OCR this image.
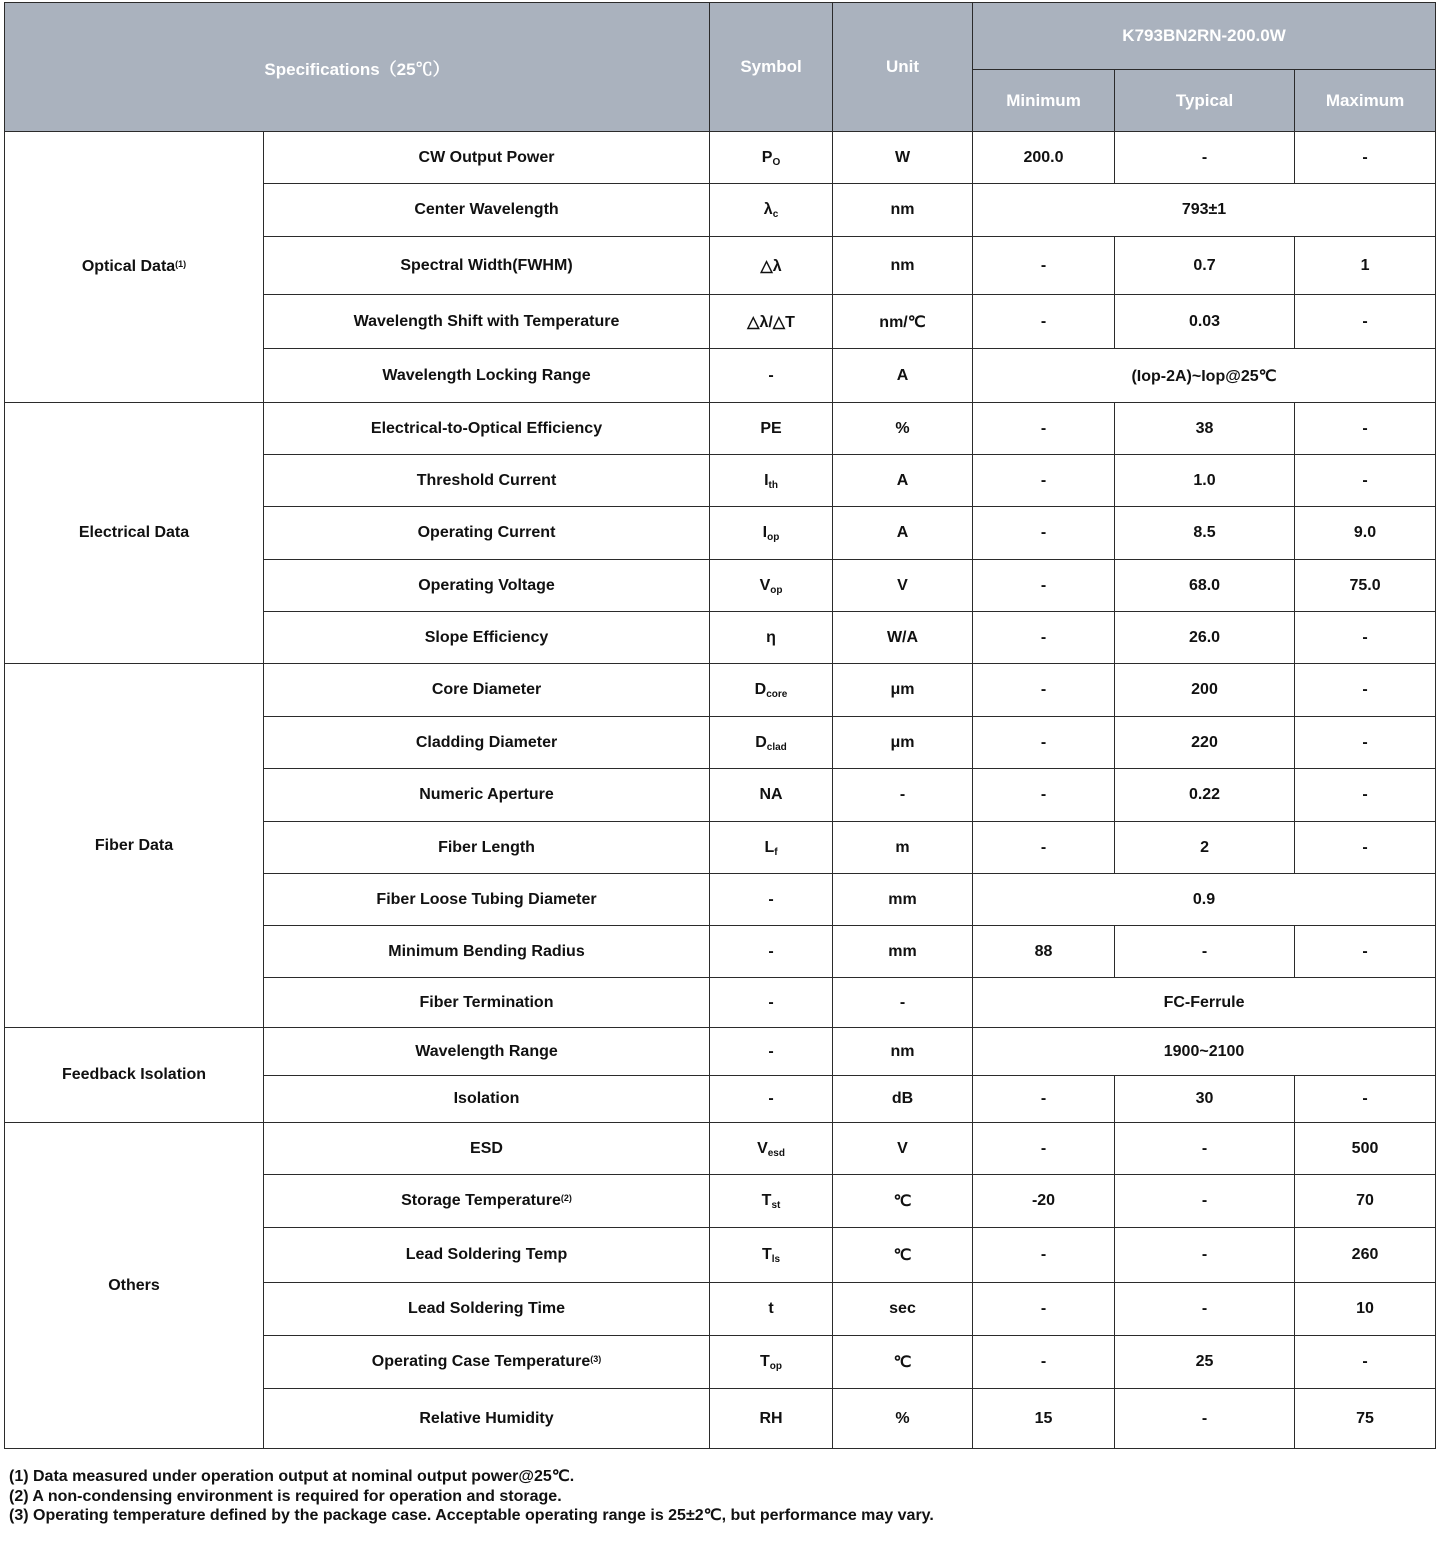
Specifications（25℃）		Symbol	Unit	K793BN2RN-200.0W		
				Minimum	Typical	Maximum
Optical Data$^{(1)}$	CW Output Power	$P_O$	W	200.0	-	-
	Center Wavelength	$\lambda_c$	nm	793±1		
	Spectral Width(FWHM)	△λ	nm	-	0.7	1
	Wavelength Shift with Temperature	△λ/△T	nm/℃	-	0.03	-
	Wavelength Locking Range	-	A	(Iop-2A)~Iop@25℃		
Electrical Data	Electrical-to-Optical Efficiency	PE	%	-	38	-
	Threshold Current	$I_{th}$	A	-	1.0	-
	Operating Current	$I_{op}$	A	-	8.5	9.0
	Operating Voltage	$V_{op}$	V	-	68.0	75.0
	Slope Efficiency	η	W/A	-	26.0	-
Fiber Data	Core Diameter	$D_{core}$	μm	-	200	-
	Cladding Diameter	$D_{clad}$	μm	-	220	-
	Numeric Aperture	NA	-	-	0.22	-
	Fiber Length	$L_f$	m	-	2	-
	Fiber Loose Tubing Diameter	-	mm	0.9		
	Minimum Bending Radius	-	mm	88	-	-
	Fiber Termination	-	-	FC-Ferrule		
Feedback Isolation	Wavelength Range	-	nm	1900~2100		
	Isolation	-	dB	-	30	-
Others	ESD	$V_{esd}$	V	-	-	500
	Storage Temperature$^{(2)}$	$T_{st}$	℃	-20	-	70
	Lead Soldering Temp	$T_{ls}$	℃	-	-	260
	Lead Soldering Time	t	sec	-	-	10
	Operating Case Temperature$^{(3)}$	$T_{op}$	℃	-	25	-
	Relative Humidity	RH	%	15	-	75
(1) Data measured under operation output at nominal output power@25℃.
(2) A non-condensing environment is required for operation and storage.
(3) Operating temperature defined by the package case. Acceptable operating range is 25±2℃, but performance may vary.
